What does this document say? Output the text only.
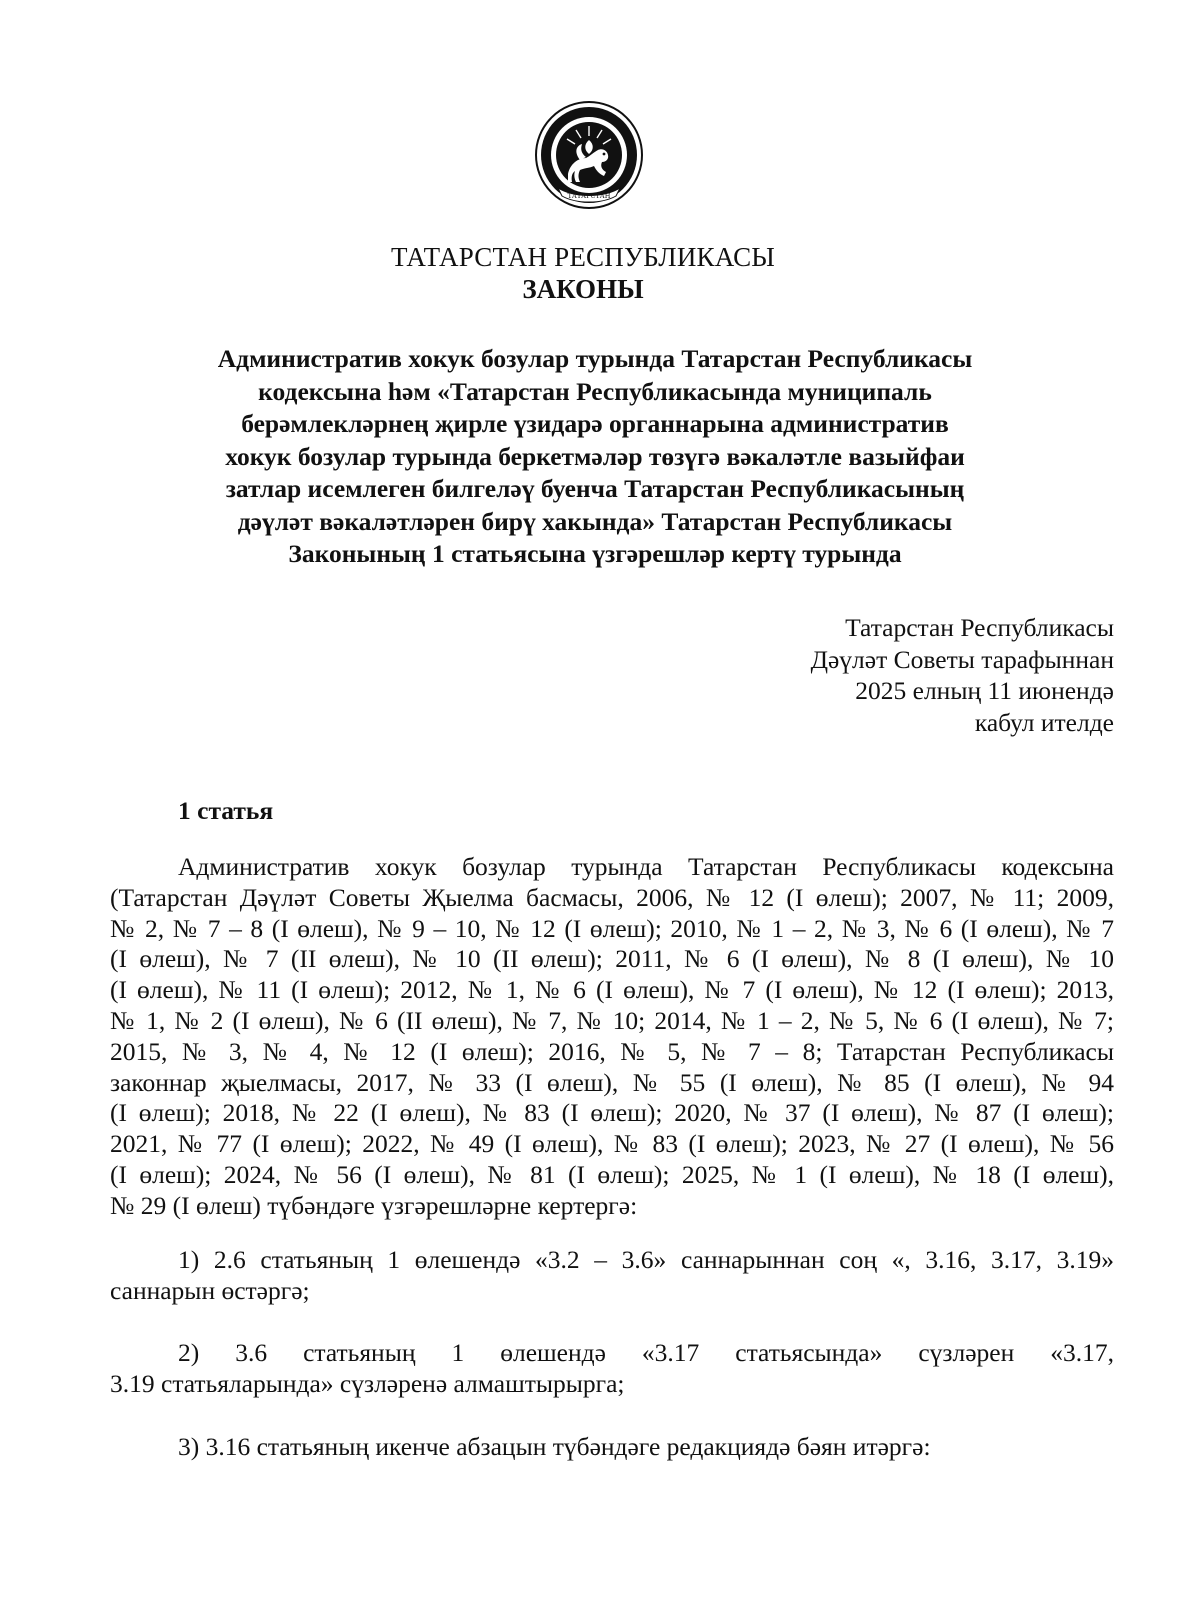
ТАТАРСТАН
ТАТАРСТАН РЕСПУБЛИКАСЫ
ЗАКОНЫ
Административ хокук бозулар турында Татарстан Республикасы
кодексына һәм «Татарстан Республикасында муниципаль
берәмлекләрнең җирле үзидарә органнарына административ
хокук бозулар турында беркетмәләр төзүгә вәкаләтле вазыйфаи
затлар исемлеген билгеләү буенча Татарстан Республикасының
дәүләт вәкаләтләрен бирү хакында» Татарстан Республикасы
Законының 1 статьясына үзгәрешләр кертү турында
Татарстан Республикасы
Дәүләт Советы тарафыннан
2025 елның 11 июнендә
кабул ителде
1 статья
Административ хокук бозулар турында Татарстан Республикасы кодексына
(Татарстан Дәүләт Советы Җыелма басмасы, 2006, № 12 (I өлеш); 2007, № 11; 2009,
№ 2, № 7 – 8 (I өлеш), № 9 – 10, № 12 (I өлеш); 2010, № 1 – 2, № 3, № 6 (I өлеш), № 7
(I өлеш), № 7 (II өлеш), № 10 (II өлеш); 2011, № 6 (I өлеш), № 8 (I өлеш), № 10
(I өлеш), № 11 (I өлеш); 2012, № 1, № 6 (I өлеш), № 7 (I өлеш), № 12 (I өлеш); 2013,
№ 1, № 2 (I өлеш), № 6 (II өлеш), № 7, № 10; 2014, № 1 – 2, № 5, № 6 (I өлеш), № 7;
2015, № 3, № 4, № 12 (I өлеш); 2016, № 5, № 7 – 8; Татарстан Республикасы
законнар җыелмасы, 2017, № 33 (I өлеш), № 55 (I өлеш), № 85 (I өлеш), № 94
(I өлеш); 2018, № 22 (I өлеш), № 83 (I өлеш); 2020, № 37 (I өлеш), № 87 (I өлеш);
2021, № 77 (I өлеш); 2022, № 49 (I өлеш), № 83 (I өлеш); 2023, № 27 (I өлеш), № 56
(I өлеш); 2024, № 56 (I өлеш), № 81 (I өлеш); 2025, № 1 (I өлеш), № 18 (I өлеш),
№ 29 (I өлеш) түбәндәге үзгәрешләрне кертергә:
1) 2.6 статьяның 1 өлешендә «3.2 – 3.6» саннарыннан соң «, 3.16, 3.17, 3.19»
саннарын өстәргә;
2) 3.6 статьяның 1 өлешендә «3.17 статьясында» сүзләрен «3.17,
3.19 статьяларында» сүзләренә алмаштырырга;
3) 3.16 статьяның икенче абзацын түбәндәге редакциядә бәян итәргә:
